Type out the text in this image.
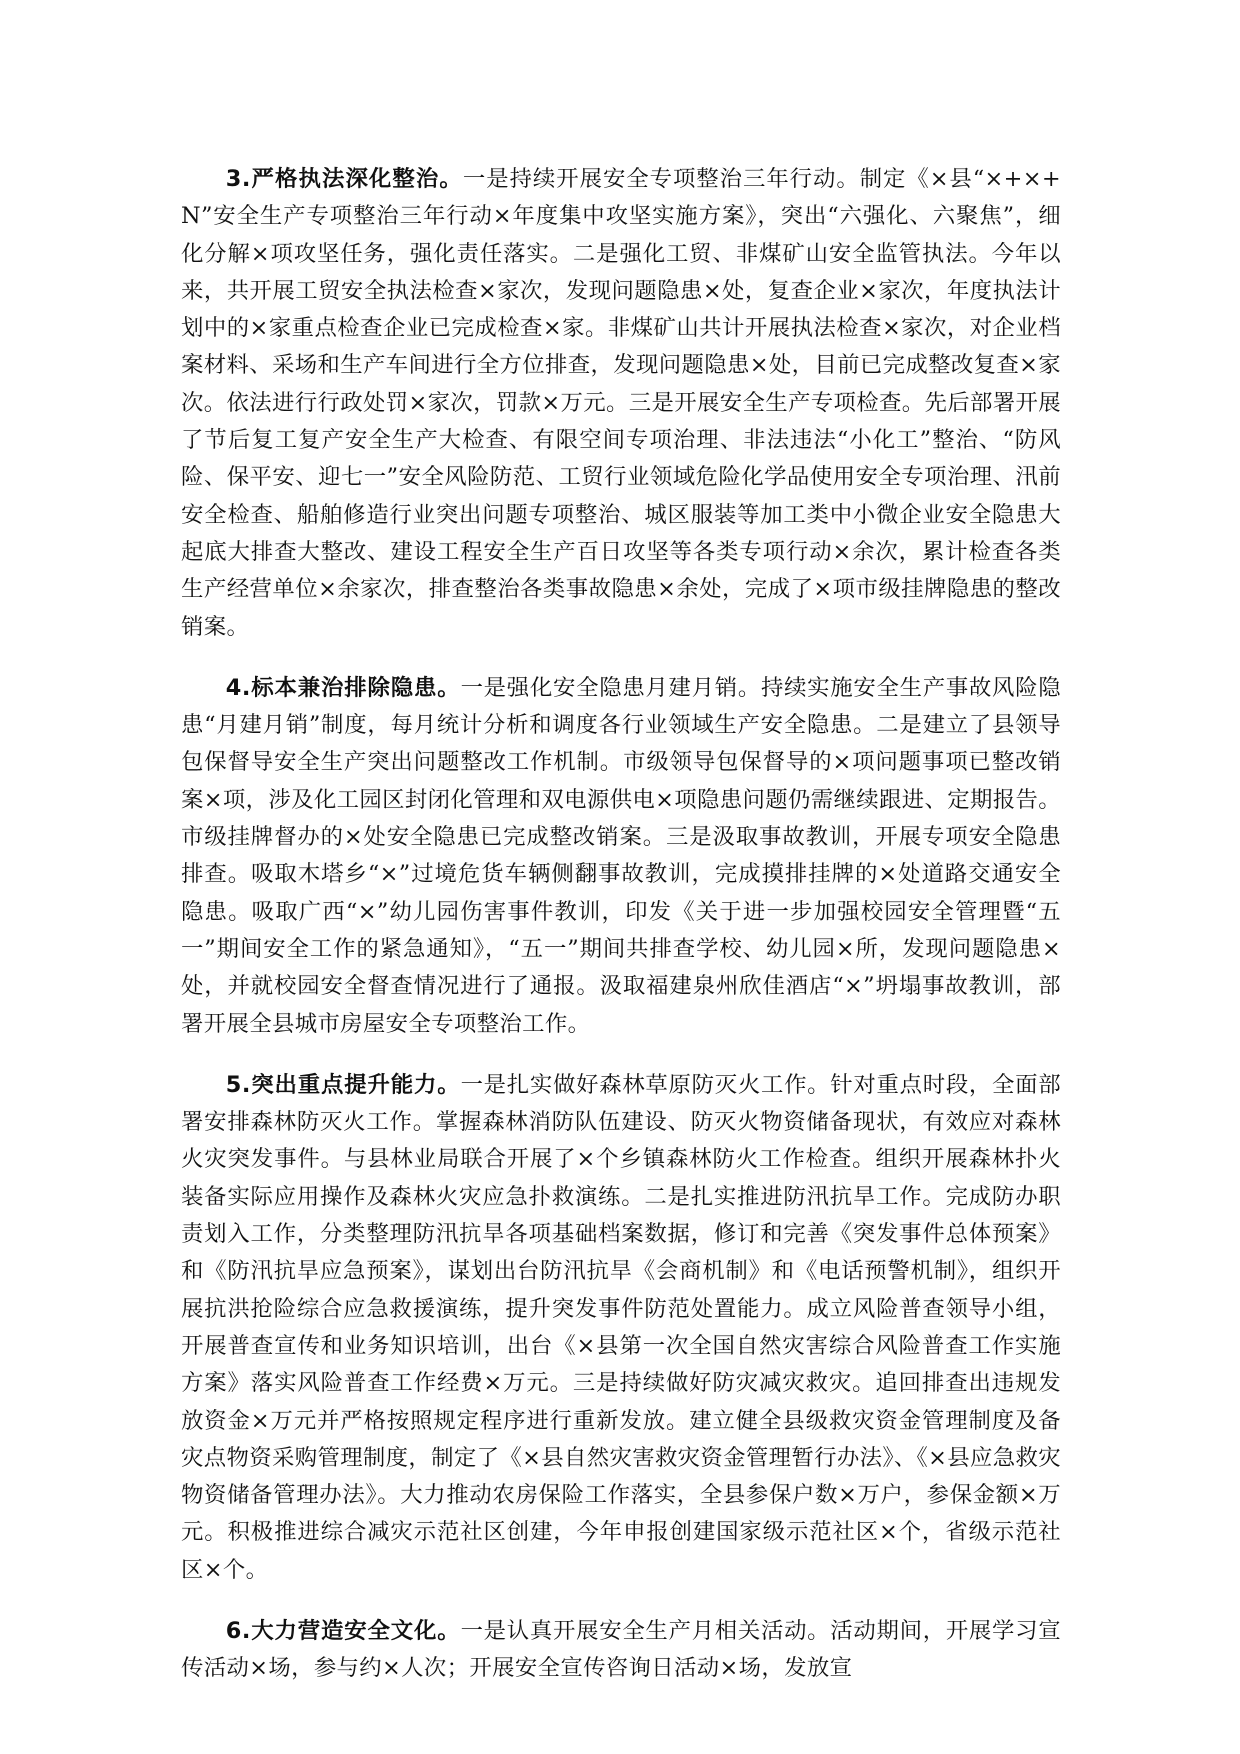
3.严格执法深化整治。一是持续开展安全专项整治三年行动。制定《×县“×+×+N”安全生产专项整治三年行动×年度集中攻坚实施方案》，突出“六强化、六聚焦”，细化分解×项攻坚任务，强化责任落实。二是强化工贸、非煤矿山安全监管执法。今年以来，共开展工贸安全执法检查×家次，发现问题隐患×处，复查企业×家次，年度执法计划中的×家重点检查企业已完成检查×家。非煤矿山共计开展执法检查×家次，对企业档案材料、采场和生产车间进行全方位排查，发现问题隐患×处，目前已完成整改复查×家次。依法进行行政处罚×家次，罚款×万元。三是开展安全生产专项检查。先后部署开展了节后复工复产安全生产大检查、有限空间专项治理、非法违法“小化工”整治、“防风险、保平安、迎七一”安全风险防范、工贸行业领域危险化学品使用安全专项治理、汛前安全检查、船舶修造行业突出问题专项整治、城区服装等加工类中小微企业安全隐患大起底大排查大整改、建设工程安全生产百日攻坚等各类专项行动×余次，累计检查各类生产经营单位×余家次，排查整治各类事故隐患×余处，完成了×项市级挂牌隐患的整改销案。

4.标本兼治排除隐患。一是强化安全隐患月建月销。持续实施安全生产事故风险隐患“月建月销”制度，每月统计分析和调度各行业领域生产安全隐患。二是建立了县领导包保督导安全生产突出问题整改工作机制。市级领导包保督导的×项问题事项已整改销案×项，涉及化工园区封闭化管理和双电源供电×项隐患问题仍需继续跟进、定期报告。市级挂牌督办的×处安全隐患已完成整改销案。三是汲取事故教训，开展专项安全隐患排查。吸取木塔乡“×”过境危货车辆侧翻事故教训，完成摸排挂牌的×处道路交通安全隐患。吸取广西“×”幼儿园伤害事件教训，印发《关于进一步加强校园安全管理暨“五一”期间安全工作的紧急通知》，“五一”期间共排查学校、幼儿园×所，发现问题隐患×处，并就校园安全督查情况进行了通报。汲取福建泉州欣佳酒店“×”坍塌事故教训，部署开展全县城市房屋安全专项整治工作。

5.突出重点提升能力。一是扎实做好森林草原防灭火工作。针对重点时段，全面部署安排森林防灭火工作。掌握森林消防队伍建设、防灭火物资储备现状，有效应对森林火灾突发事件。与县林业局联合开展了×个乡镇森林防火工作检查。组织开展森林扑火装备实际应用操作及森林火灾应急扑救演练。二是扎实推进防汛抗旱工作。完成防办职责划入工作，分类整理防汛抗旱各项基础档案数据，修订和完善《突发事件总体预案》和《防汛抗旱应急预案》，谋划出台防汛抗旱《会商机制》和《电话预警机制》，组织开展抗洪抢险综合应急救援演练，提升突发事件防范处置能力。成立风险普查领导小组，开展普查宣传和业务知识培训，出台《×县第一次全国自然灾害综合风险普查工作实施方案》落实风险普查工作经费×万元。三是持续做好防灾减灾救灾。追回排查出违规发放资金×万元并严格按照规定程序进行重新发放。建立健全县级救灾资金管理制度及备灾点物资采购管理制度，制定了《×县自然灾害救灾资金管理暂行办法》、《×县应急救灾物资储备管理办法》。大力推动农房保险工作落实，全县参保户数×万户，参保金额×万元。积极推进综合减灾示范社区创建，今年申报创建国家级示范社区×个，省级示范社区×个。

6.大力营造安全文化。一是认真开展安全生产月相关活动。活动期间，开展学习宣传活动×场，参与约×人次；开展安全宣传咨询日活动×场，发放宣
